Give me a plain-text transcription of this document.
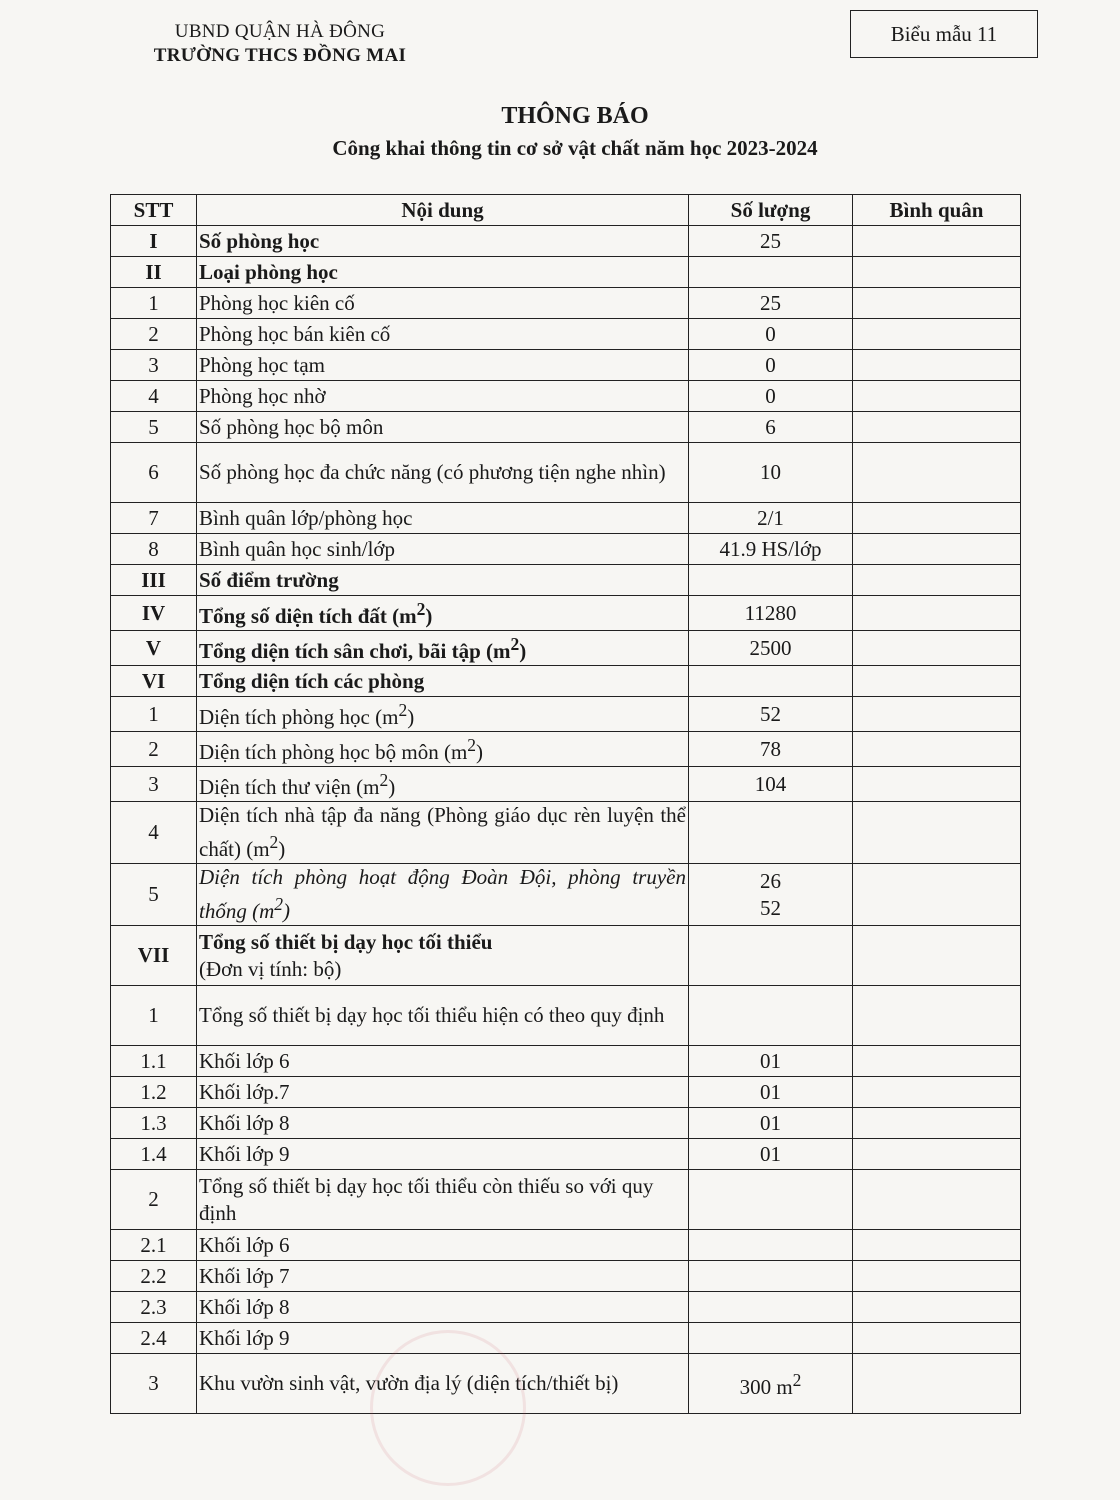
UBND QUẬN HÀ ĐÔNG
TRƯỜNG THCS ĐỒNG MAI
Biểu mẫu 11
THÔNG BÁO
Công khai thông tin cơ sở vật chất năm học 2023-2024
STT	Nội dung	Số lượng	Bình quân
I	Số phòng học	25	
II	Loại phòng học		
1	Phòng học kiên cố	25	
2	Phòng học bán kiên cố	0	
3	Phòng học tạm	0	
4	Phòng học nhờ	0	
5	Số phòng học bộ môn	6	
6	Số phòng học đa chức năng (có phương tiện nghe nhìn)	10	
7	Bình quân lớp/phòng học	2/1	
8	Bình quân học sinh/lớp	41.9 HS/lớp	
III	Số điểm trường		
IV	Tổng số diện tích đất $(m^2)$	11280	
V	Tổng diện tích sân chơi, bãi tập $(m^2)$	2500	
VI	Tổng diện tích các phòng		
1	Diện tích phòng học $(m^2)$	52	
2	Diện tích phòng học bộ môn $(m^2)$	78	
3	Diện tích thư viện $(m^2)$	104	
4	Diện tích nhà tập đa năng (Phòng giáo dục rèn luyện thể chất) $(m^2)$		
5	Diện tích phòng hoạt động Đoàn Đội, phòng truyền thống $(m^2)$	26
52	

VII	Tổng số thiết bị dạy học tối thiểu
(Đơn vị tính: bộ)		

1	Tổng số thiết bị dạy học tối thiểu hiện có theo quy định		
1.1	Khối lớp 6	01	
1.2	Khối lớp.7	01	
1.3	Khối lớp 8	01	
1.4	Khối lớp 9	01	
2	Tổng số thiết bị dạy học tối thiểu còn thiếu so với quy định		
2.1	Khối lớp 6		
2.2	Khối lớp 7		
2.3	Khối lớp 8		
2.4	Khối lớp 9		
3	Khu vườn sinh vật, vườn địa lý (diện tích/thiết bị)	300 $m^2$	
